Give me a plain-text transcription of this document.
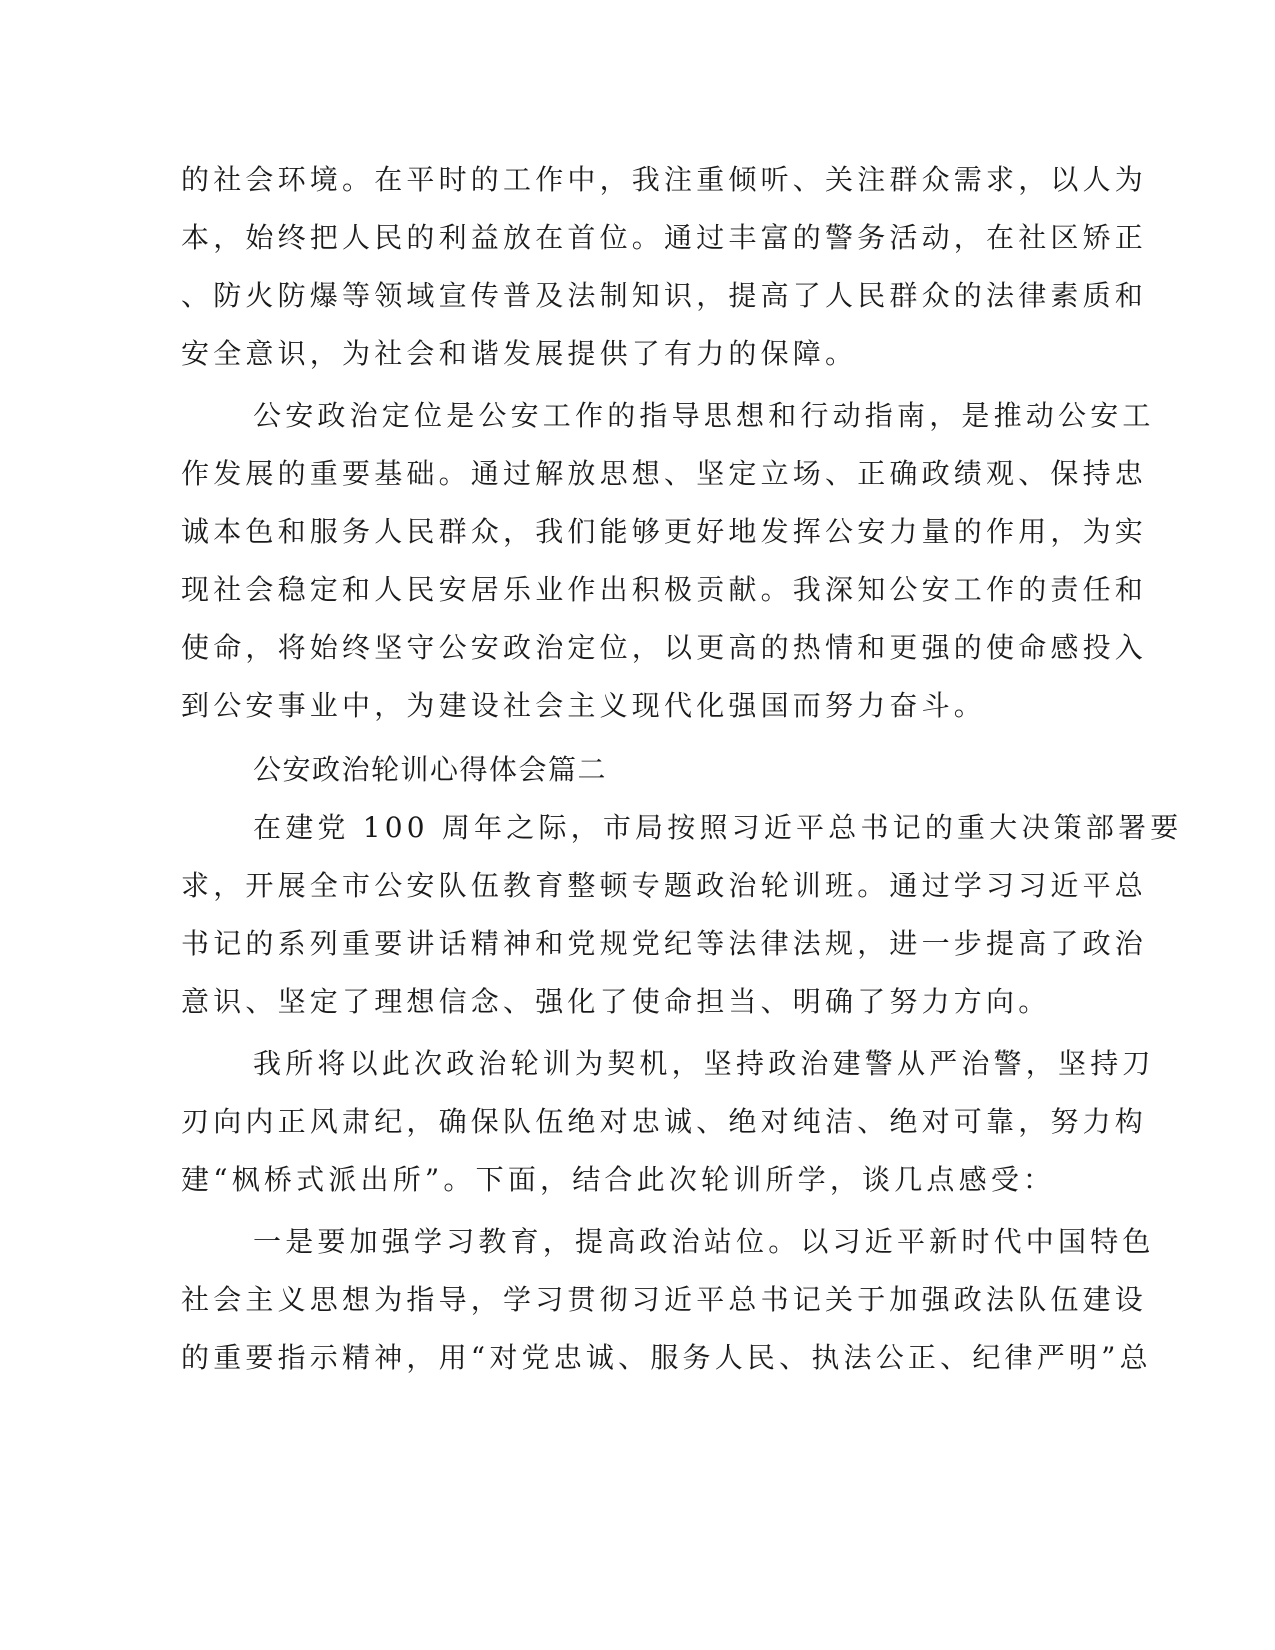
的社会环境。在平时的工作中，我注重倾听、关注群众需求，以人为
本，始终把人民的利益放在首位。通过丰富的警务活动，在社区矫正
、防火防爆等领域宣传普及法制知识，提高了人民群众的法律素质和
安全意识，为社会和谐发展提供了有力的保障。
公安政治定位是公安工作的指导思想和行动指南，是推动公安工
作发展的重要基础。通过解放思想、坚定立场、正确政绩观、保持忠
诚本色和服务人民群众，我们能够更好地发挥公安力量的作用，为实
现社会稳定和人民安居乐业作出积极贡献。我深知公安工作的责任和
使命，将始终坚守公安政治定位，以更高的热情和更强的使命感投入
到公安事业中，为建设社会主义现代化强国而努力奋斗。
公安政治轮训心得体会篇二
在建党 100 周年之际，市局按照习近平总书记的重大决策部署要
求，开展全市公安队伍教育整顿专题政治轮训班。通过学习习近平总
书记的系列重要讲话精神和党规党纪等法律法规，进一步提高了政治
意识、坚定了理想信念、强化了使命担当、明确了努力方向。
我所将以此次政治轮训为契机，坚持政治建警从严治警，坚持刀
刃向内正风肃纪，确保队伍绝对忠诚、绝对纯洁、绝对可靠，努力构
建“枫桥式派出所”。下面，结合此次轮训所学，谈几点感受：
一是要加强学习教育，提高政治站位。以习近平新时代中国特色
社会主义思想为指导，学习贯彻习近平总书记关于加强政法队伍建设
的重要指示精神，用“对党忠诚、服务人民、执法公正、纪律严明”总
